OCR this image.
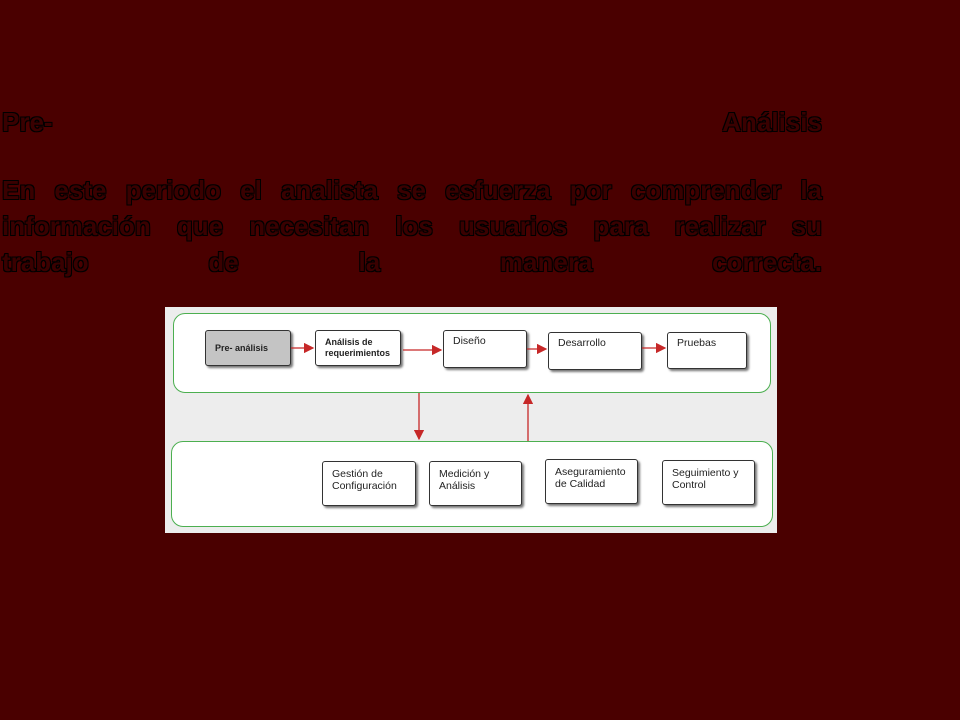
Pre-	Análisis
En este periodo el analista se esfuerza por comprender la
información que necesitan los usuarios para realizar su
trabajo de la manera correcta.
Pre- análisis
Análisis de requerimientos
Diseño	Desarrollo	Pruebas
Gestión de Configuración
Medición y Análisis
Aseguramiento de Calidad
Seguimiento y Control
